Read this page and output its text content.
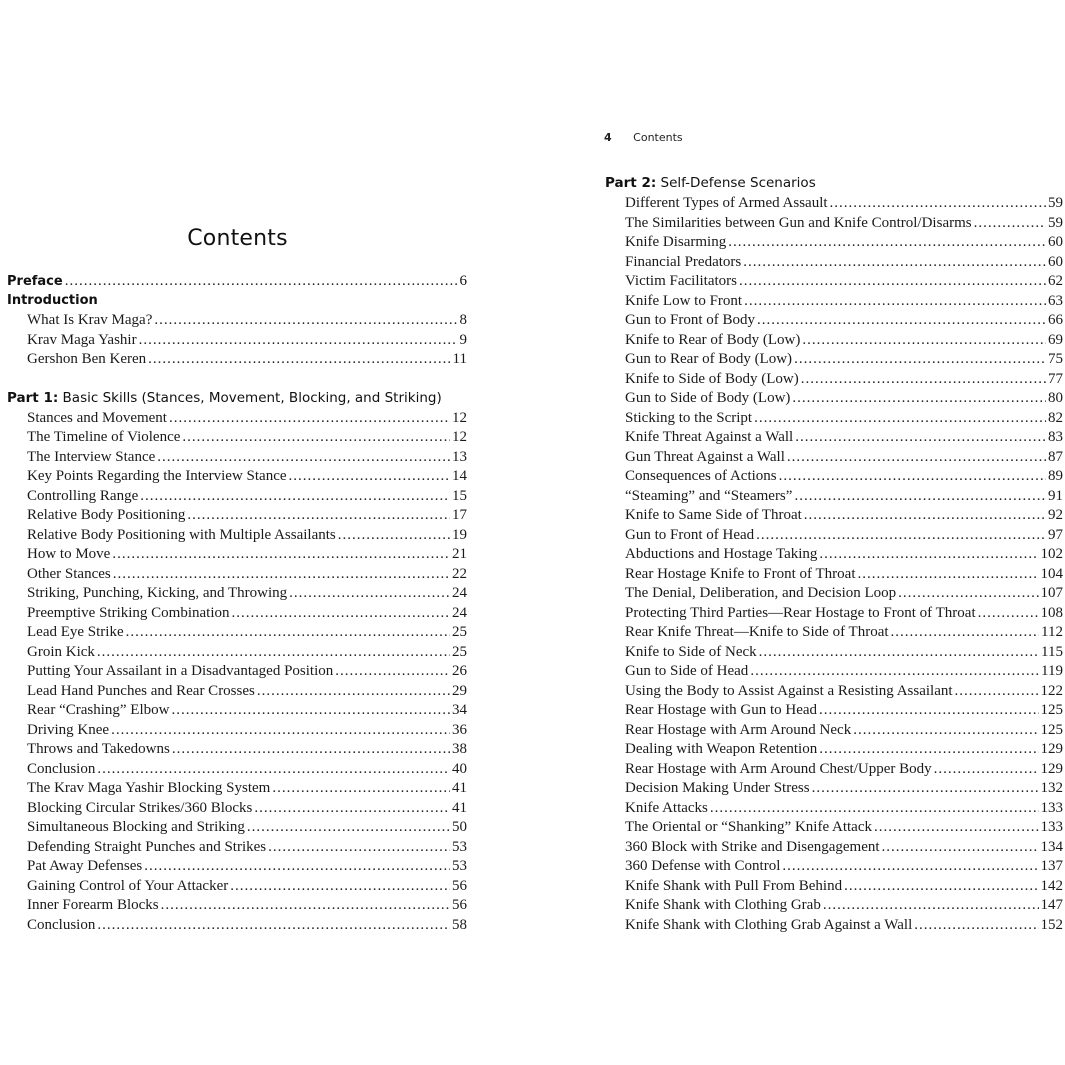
Contents
Preface .....	6
Introduction
What Is Krav Maga? .....	8
Krav Maga Yashir .....	9
Gershon Ben Keren .....	11
Part 1: Basic Skills (Stances, Movement, Blocking, and Striking)
Stances and Movement .....	12
The Timeline of Violence .....	12
The Interview Stance .....	13
Key Points Regarding the Interview Stance .....	14
Controlling Range .....	15
Relative Body Positioning .....	17
Relative Body Positioning with Multiple Assailants .....	19
How to Move .....	21
Other Stances .....	22
Striking, Punching, Kicking, and Throwing .....	24
Preemptive Striking Combination .....	24
Lead Eye Strike .....	25
Groin Kick .....	25
Putting Your Assailant in a Disadvantaged Position .....	26
Lead Hand Punches and Rear Crosses .....	29
Rear “Crashing” Elbow .....	34
Driving Knee .....	36
Throws and Takedowns .....	38
Conclusion .....	40
The Krav Maga Yashir Blocking System .....	41
Blocking Circular Strikes/360 Blocks .....	41
Simultaneous Blocking and Striking .....	50
Defending Straight Punches and Strikes .....	53
Pat Away Defenses .....	53
Gaining Control of Your Attacker .....	56
Inner Forearm Blocks .....	56
Conclusion .....	58
4 Contents
Part 2: Self-Defense Scenarios
Different Types of Armed Assault .....	59
The Similarities between Gun and Knife Control/Disarms .....	59
Knife Disarming .....	60
Financial Predators .....	60
Victim Facilitators .....	62
Knife Low to Front .....	63
Gun to Front of Body .....	66
Knife to Rear of Body (Low) .....	69
Gun to Rear of Body (Low) .....	75
Knife to Side of Body (Low) .....	77
Gun to Side of Body (Low) .....	80
Sticking to the Script .....	82
Knife Threat Against a Wall .....	83
Gun Threat Against a Wall .....	87
Consequences of Actions .....	89
“Steaming” and “Steamers” .....	91
Knife to Same Side of Throat .....	92
Gun to Front of Head .....	97
Abductions and Hostage Taking .....	102
Rear Hostage Knife to Front of Throat .....	104
The Denial, Deliberation, and Decision Loop .....	107
Protecting Third Parties—Rear Hostage to Front of Throat .....	108
Rear Knife Threat—Knife to Side of Throat .....	112
Knife to Side of Neck .....	115
Gun to Side of Head .....	119
Using the Body to Assist Against a Resisting Assailant .....	122
Rear Hostage with Gun to Head .....	125
Rear Hostage with Arm Around Neck .....	125
Dealing with Weapon Retention .....	129
Rear Hostage with Arm Around Chest/Upper Body .....	129
Decision Making Under Stress .....	132
Knife Attacks .....	133
The Oriental or “Shanking” Knife Attack .....	133
360 Block with Strike and Disengagement .....	134
360 Defense with Control .....	137
Knife Shank with Pull From Behind .....	142
Knife Shank with Clothing Grab .....	147
Knife Shank with Clothing Grab Against a Wall .....	152
